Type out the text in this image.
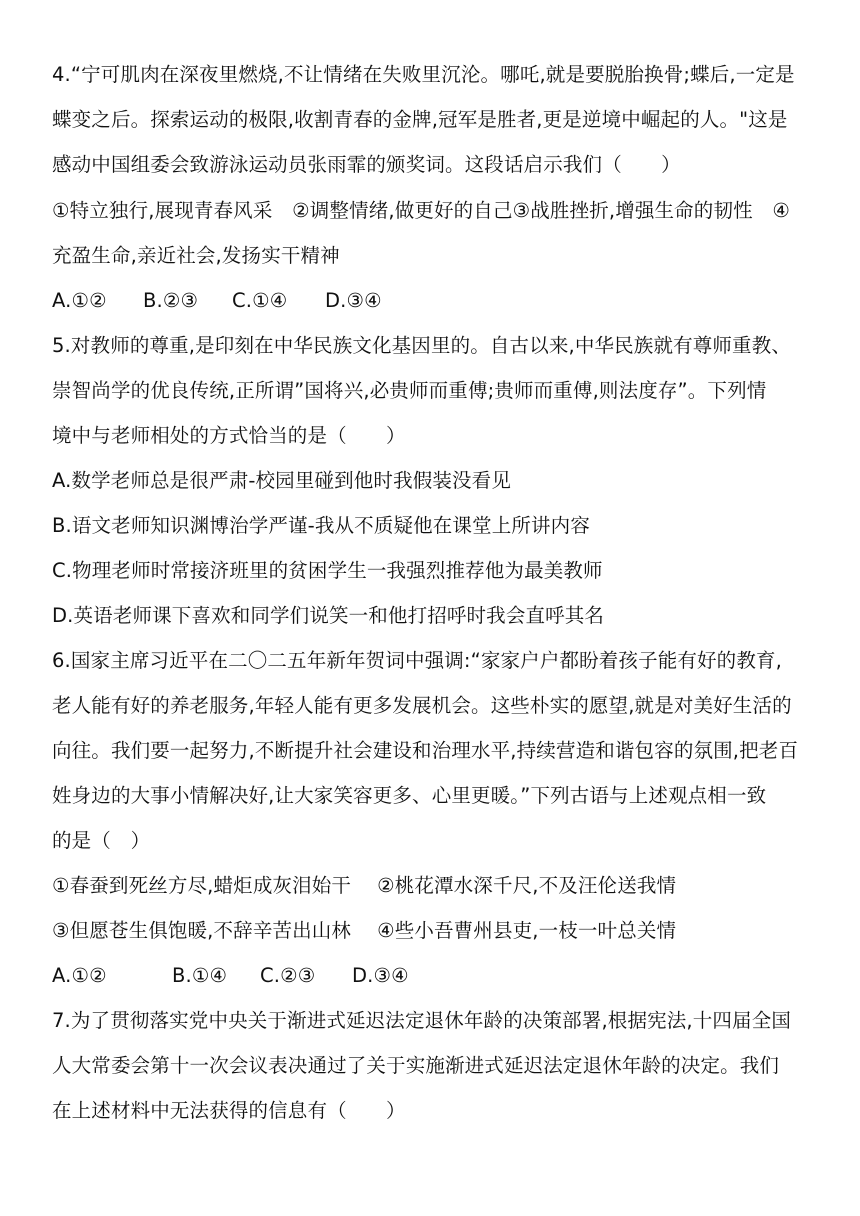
4.“宁可肌肉在深夜里燃烧,不让情绪在失败里沉沦。哪吒,就是要脱胎换骨;蝶后,一定是
蝶变之后。探索运动的极限,收割青春的金牌,冠军是胜者,更是逆境中崛起的人。"这是
感动中国组委会致游泳运动员张雨霏的颁奖词。这段话启示我们（　　）
①特立独行,展现青春风采　②调整情绪,做更好的自己③战胜挫折,增强生命的韧性　④
充盈生命,亲近社会,发扬实干精神
A.①② B.②③ C.①④ D.③④
5.对教师的尊重,是印刻在中华民族文化基因里的。自古以来,中华民族就有尊师重教、
崇智尚学的优良传统,正所谓”国将兴,必贵师而重傅;贵师而重傅,则法度存”。下列情
境中与老师相处的方式恰当的是（　　）
A.数学老师总是很严肃-校园里碰到他时我假装没看见
B.语文老师知识渊博治学严谨-我从不质疑他在课堂上所讲内容
C.物理老师时常接济班里的贫困学生一我强烈推荐他为最美教师
D.英语老师课下喜欢和同学们说笑一和他打招呼时我会直呼其名
6.国家主席习近平在二〇二五年新年贺词中强调:“家家户户都盼着孩子能有好的教育,
老人能有好的养老服务,年轻人能有更多发展机会。这些朴实的愿望,就是对美好生活的
向往。我们要一起努力,不断提升社会建设和治理水平,持续营造和谐包容的氛围,把老百
姓身边的大事小情解决好,让大家笑容更多、心里更暖。”下列古语与上述观点相一致
的是（　）
①春蚕到死丝方尽,蜡炬成灰泪始干　 ②桃花潭水深千尺,不及汪伦送我情
③但愿苍生俱饱暖,不辞辛苦出山林　 ④些小吾曹州县吏,一枝一叶总关情
A.①②	B.①④ C.②③ D.③④
7.为了贯彻落实党中央关于渐进式延迟法定退休年龄的决策部署,根据宪法,十四届全国
人大常委会第十一次会议表决通过了关于实施渐进式延迟法定退休年龄的决定。我们
在上述材料中无法获得的信息有（　　）
